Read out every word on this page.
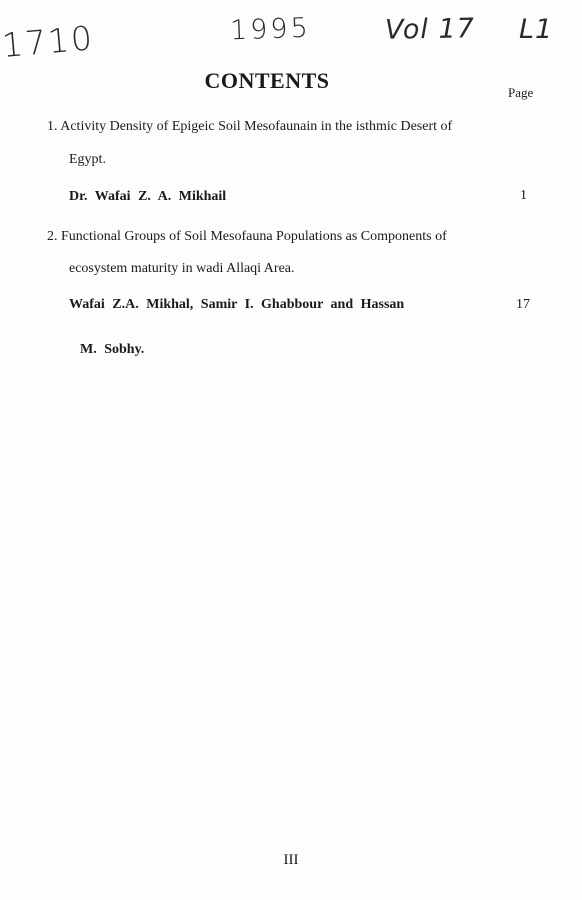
1710	1995	Vol 17 L1
CONTENTS	Page
1. Activity Density of Epigeic Soil Mesofaunain in the isthmic Desert of
Egypt.
Dr. Wafai Z. A. Mikhail	1
2. Functional Groups of Soil Mesofauna Populations as Components of
ecosystem maturity in wadi Allaqi Area.
Wafai Z.A. Mikhal, Samir I. Ghabbour and Hassan	17
M. Sobhy.
III
